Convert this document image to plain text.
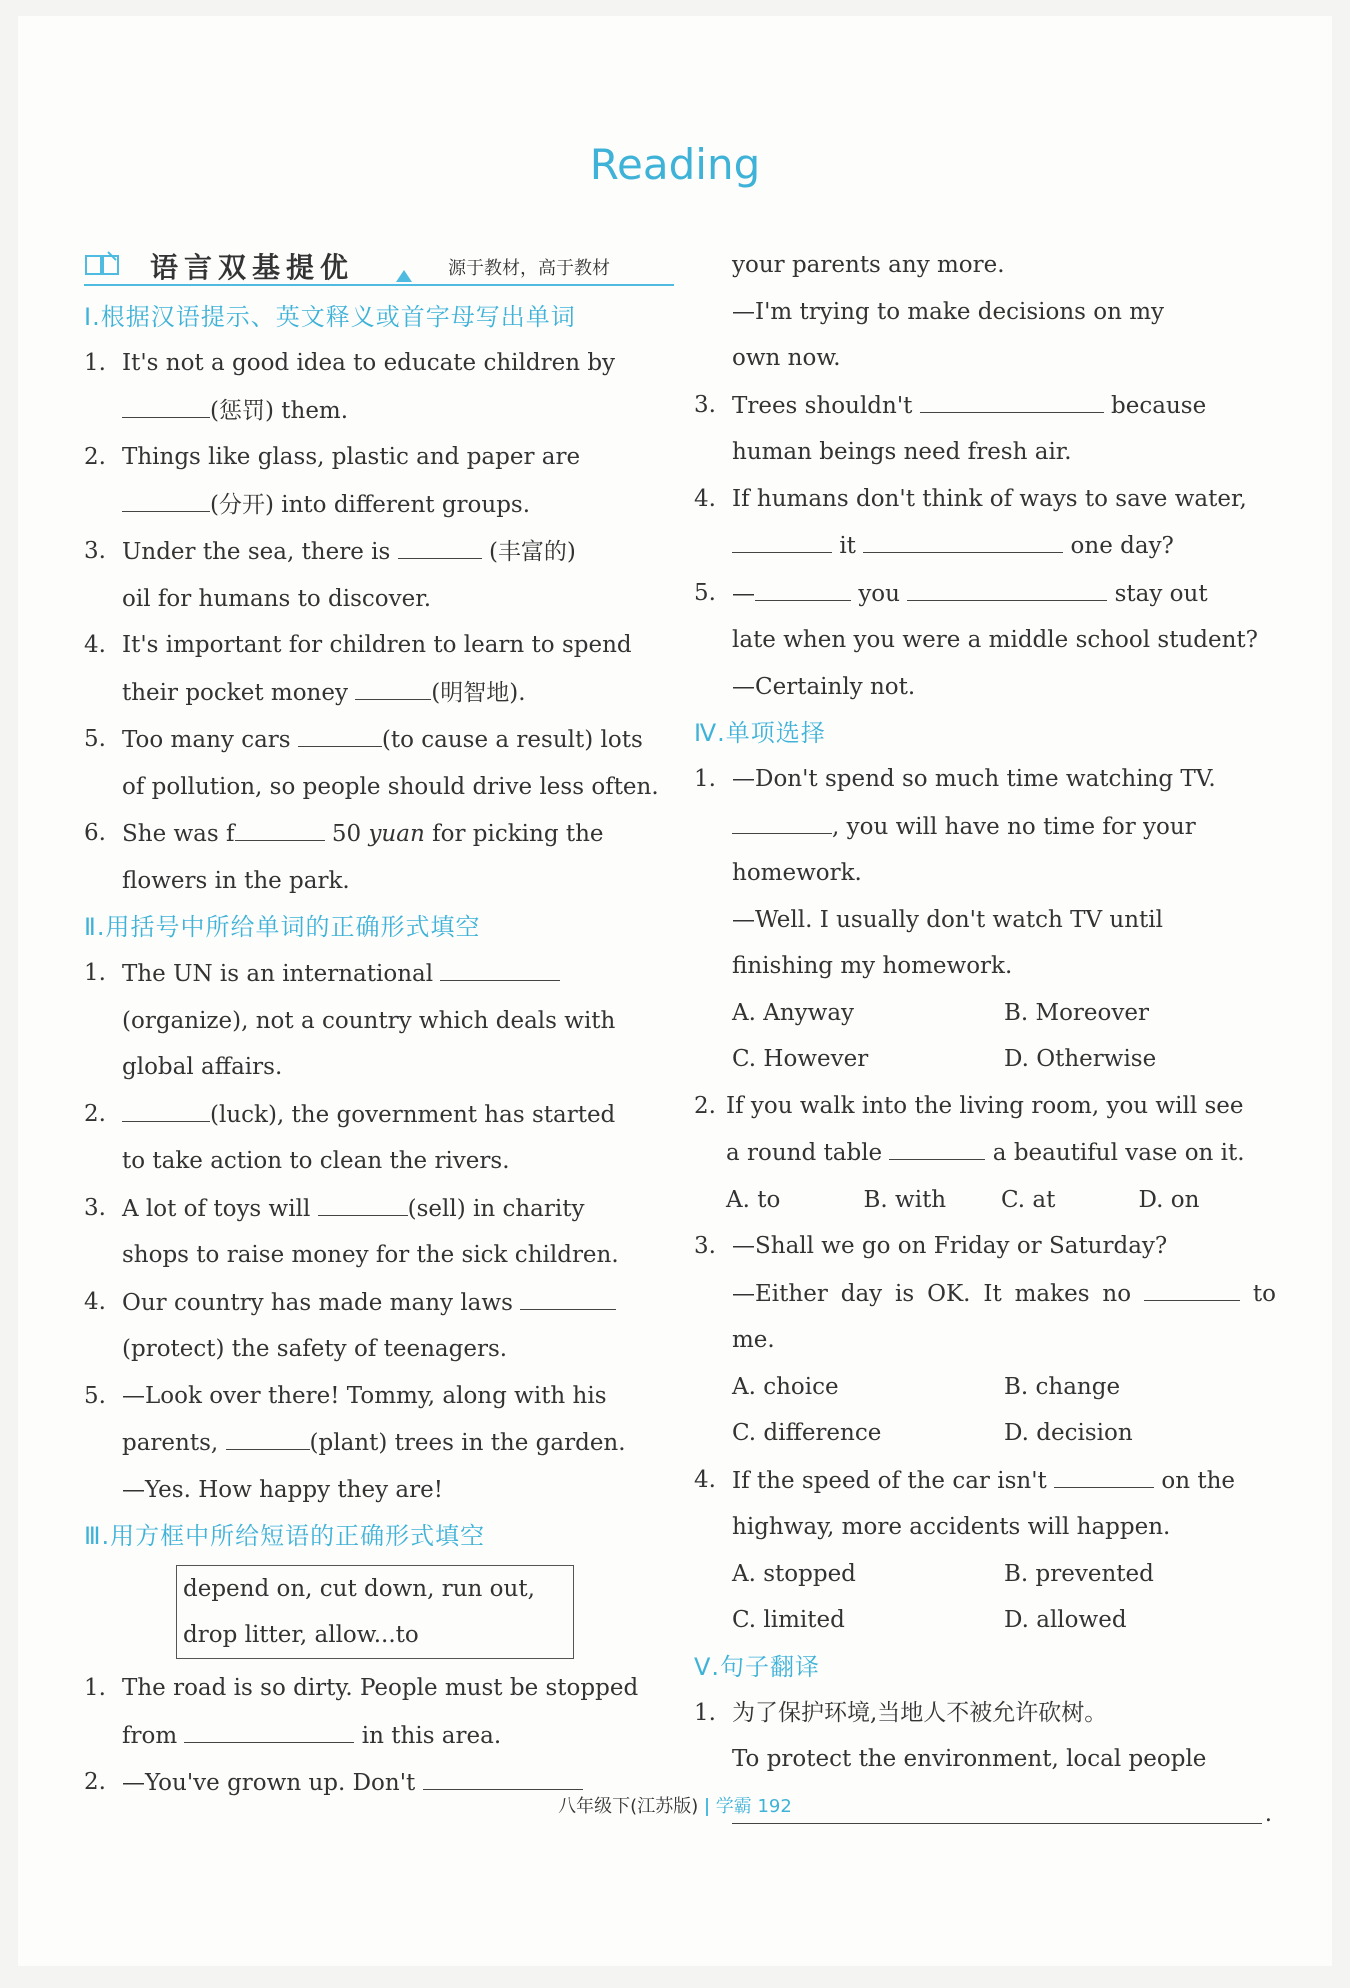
Reading
语言双基提优	源于教材，高于教材
Ⅰ.根据汉语提示、英文释义或首字母写出单词
1. It's not a good idea to educate children by
(惩罚) them.
2. Things like glass, plastic and paper are
(分开) into different groups.
3. Under the sea, there is	(丰富的)
oil for humans to discover.
4. It's important for children to learn to spend
their pocket money	(明智地).
5. Too many cars	(to cause a result) lots
of pollution, so people should drive less often.
6. She was f	50 yuan for picking the
flowers in the park.
Ⅱ.用括号中所给单词的正确形式填空
1. The UN is an international
(organize), not a country which deals with
global affairs.
2.	(luck), the government has started
to take action to clean the rivers.
3. A lot of toys will	(sell) in charity
shops to raise money for the sick children.
4. Our country has made many laws
(protect) the safety of teenagers.
5. —Look over there! Tommy, along with his
parents,	(plant) trees in the garden.
—Yes. How happy they are!
Ⅲ.用方框中所给短语的正确形式填空
depend on, cut down, run out,
drop litter, allow...to
1. The road is so dirty. People must be stopped
from	in this area.
2. —You've grown up. Don't
your parents any more.
—I'm trying to make decisions on my
own now.
3. Trees shouldn't	because
human beings need fresh air.
4. If humans don't think of ways to save water,
it	one day?
5. —	you	stay out
late when you were a middle school student?
—Certainly not.
Ⅳ.单项选择
1. —Don't spend so much time watching TV.
, you will have no time for your
homework.
—Well. I usually don't watch TV until
finishing my homework.
A. Anyway	B. Moreover
C. However	D. Otherwise
2. If you walk into the living room, you will see
a round table	a beautiful vase on it.
A. to	B. with	C. at	D. on
3. —Shall we go on Friday or Saturday?
—Either day is OK. It makes no	to me.
A. choice	B. change
C. difference	D. decision
4. If the speed of the car isn't	on the
highway, more accidents will happen.
A. stopped	B. prevented
C. limited	D. allowed
Ⅴ.句子翻译
1. 为了保护环境,当地人不被允许砍树。
To protect the environment, local people
.
八年级下(江苏版) 学霸 192
